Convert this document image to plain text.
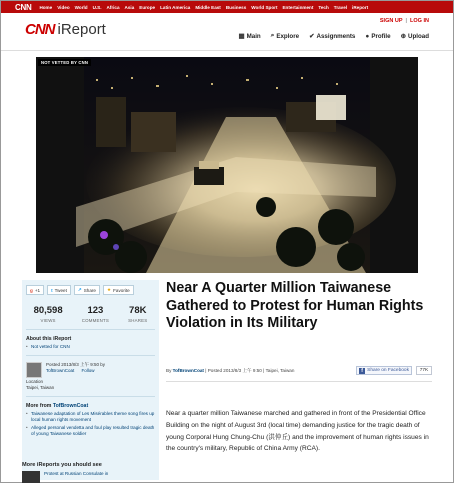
CNN	Home Video World U.S. Africa Asia Europe Latin America Middle East Business World Sport Entertainment Tech Travel iReport
CNN iReport	SIGN UP | LOG IN
▦ Main ⌕ Explore ✔ Assignments ● Profile ⊕ Upload
NOT VETTED BY CNN
g +1 t Tweet ↗ Share ★ Favorite
80,598
VIEWS
123
COMMENTS
78K
SHARES
About this iReport
• Not vetted for CNN
Posted 2013/8/3 上午 9:50 by
TofBrownCoat Follow
Location
Taipei, Taiwan
More from TofBrownCoat
• Taiwanese adaptation of Les Misérables theme song fires up local human rights movement
• Alleged personal vendetta and foul play resulted tragic death of young Taiwanese soldier
More iReports you should see
Protest at Russian Consulate in
Near A Quarter Million Taiwanese Gathered to Protest for Human Rights Violation in Its Military
By TofBrownCoat | Posted 2013/8/3 上午 9:50 | Taipei, Taiwan	f Share on Facebook	77K

Near a quarter million Taiwanese marched and gathered in front of the Presidential Office Building on the night of August 3rd (local time) demanding justice for the tragic death of young Corporal Hung Chung-Chu (洪仲丘) and the improvement of human rights issues in the country's military, Republic of China Army (RCA).
